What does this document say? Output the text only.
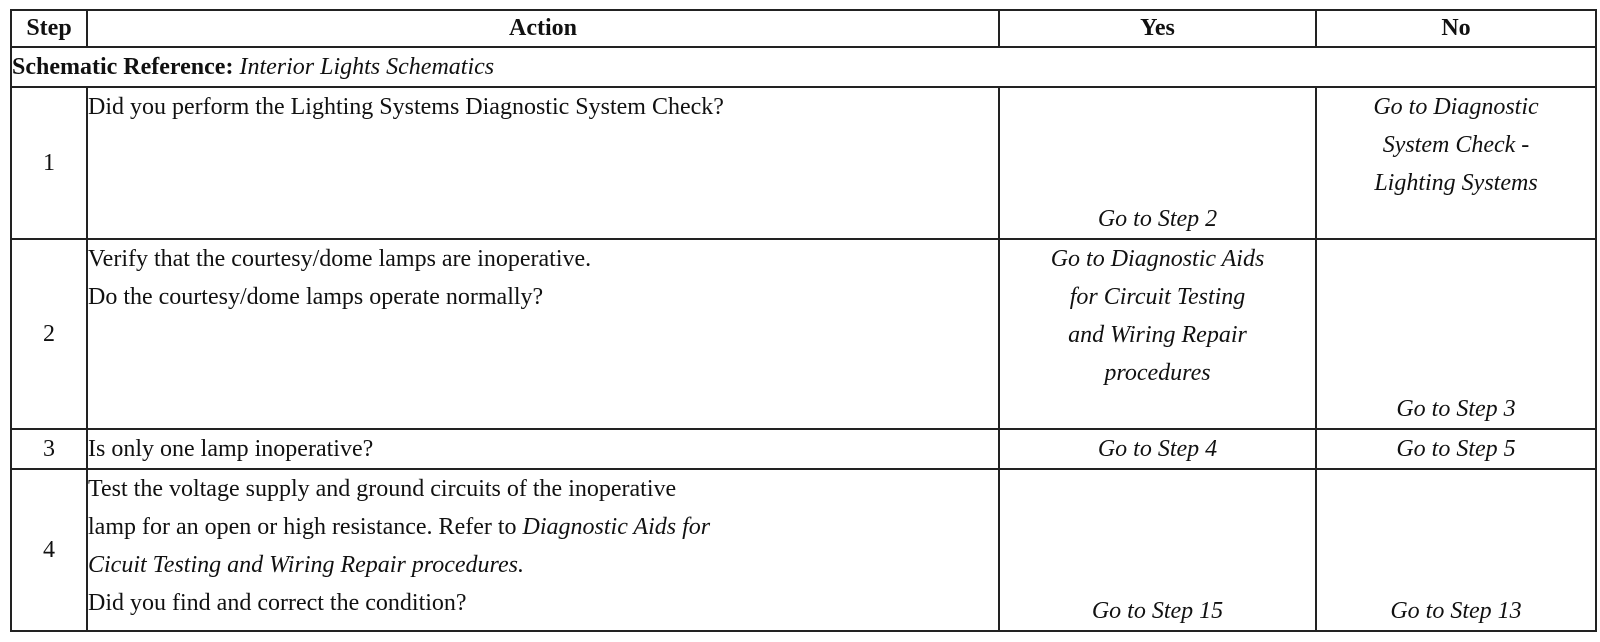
Step	Action	Yes	No
Schematic Reference: Interior Lights Schematics			
1	Did you perform the Lighting Systems Diagnostic System Check?	Go to Step 2	Go to Diagnostic
System Check -
Lighting Systems

2	Verify that the courtesy/dome lamps are inoperative.
Do the courtesy/dome lamps operate normally?	Go to Diagnostic Aids
for Circuit Testing
and Wiring Repair
procedures	Go to Step 3

3	Is only one lamp inoperative?	Go to Step 4	Go to Step 5

4	Test the voltage supply and ground circuits of the inoperative
lamp for an open or high resistance. Refer to Diagnostic Aids for
Cicuit Testing and Wiring Repair procedures.
Did you find and correct the condition?	Go to Step 15	Go to Step 13
